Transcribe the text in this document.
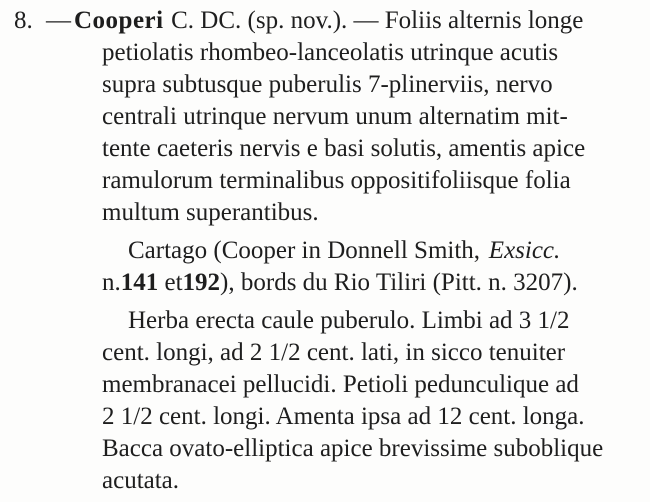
8. — Cooperi C. DC. (sp. nov.). — Foliis alternis longe
petiolatis rhombeo-lanceolatis utrinque acutis
supra subtusque puberulis 7-plinerviis, nervo
centrali utrinque nervum unum alternatim mit-
tente caeteris nervis e basi solutis, amentis apice
ramulorum terminalibus oppositifoliisque folia
multum superantibus.
Cartago (Cooper in Donnell Smith, Exsicc.
n. 141 et 192 ), bords du Rio Tiliri (Pitt. n. 3207).
Herba erecta caule puberulo. Limbi ad 3 1/2
cent. longi, ad 2 1/2 cent. lati, in sicco tenuiter
membranacei pellucidi. Petioli pedunculique ad
2 1/2 cent. longi. Amenta ipsa ad 12 cent. longa.
Bacca ovato-elliptica apice brevissime suboblique
acutata.
